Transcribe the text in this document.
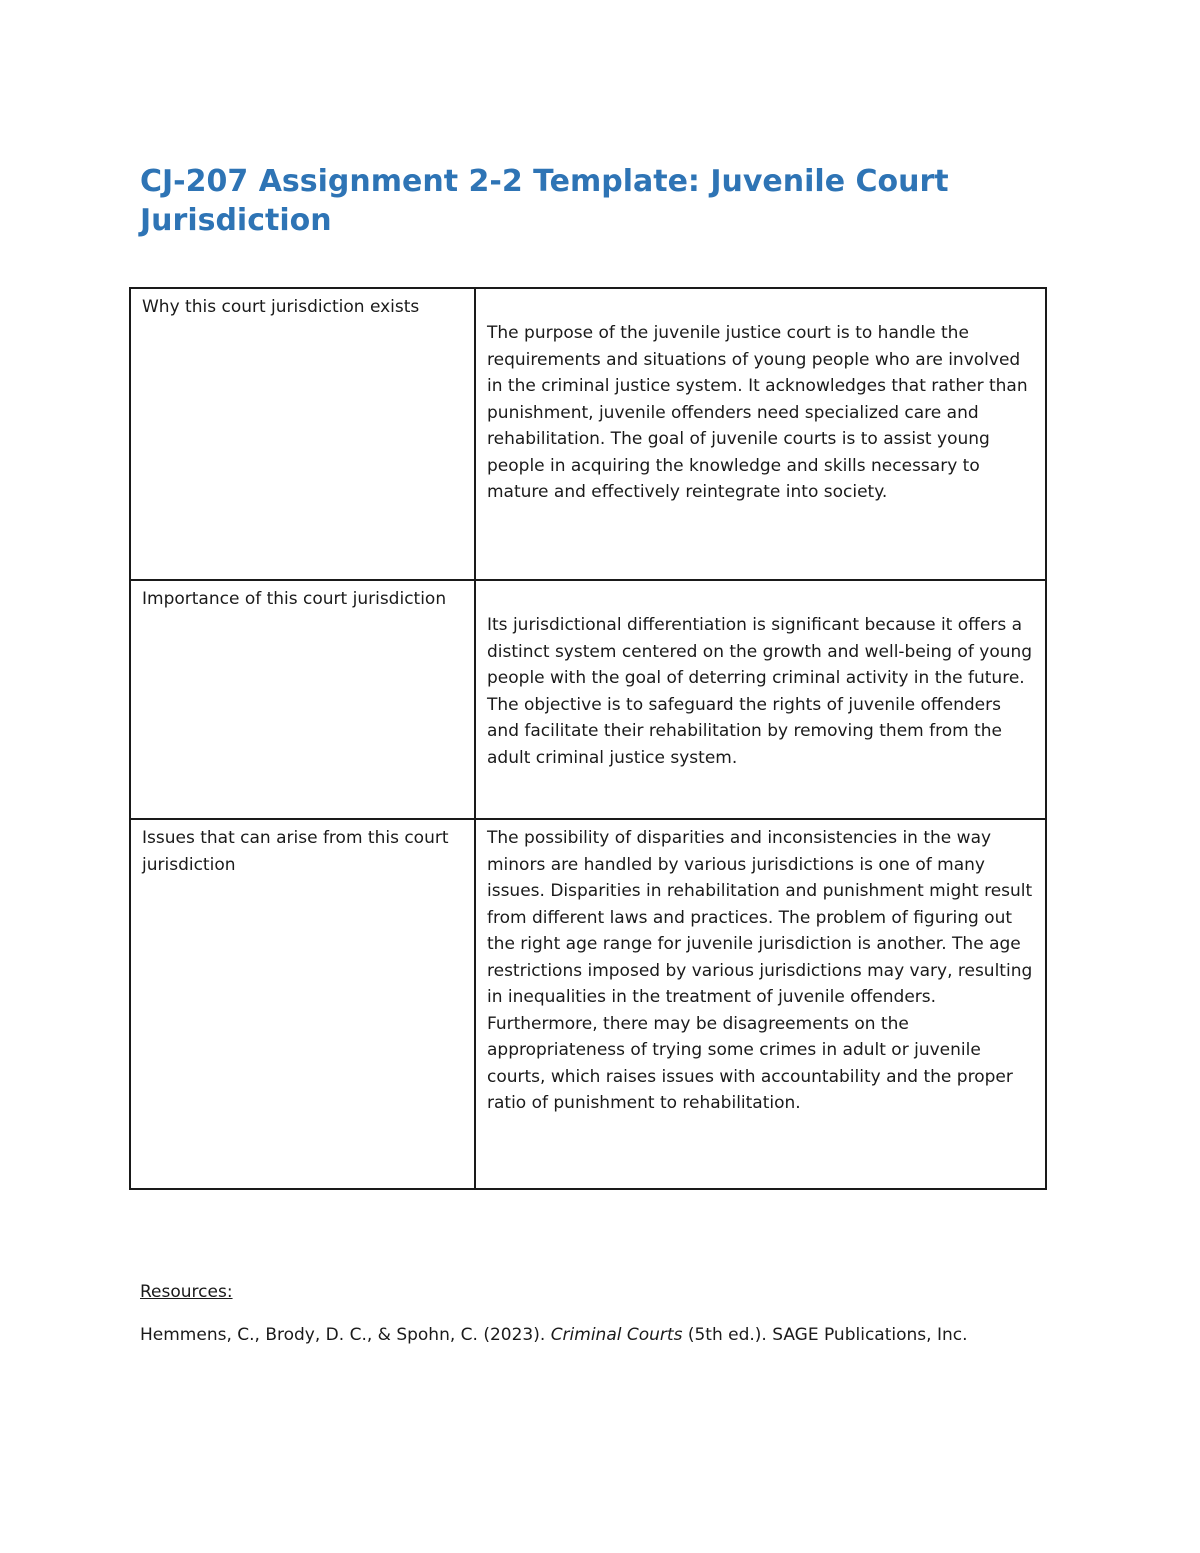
CJ-207 Assignment 2-2 Template: Juvenile Court Jurisdiction
Why this court jurisdiction exists	The purpose of the juvenile justice court is to handle the requirements and situations of young people who are involved in the criminal justice system. It acknowledges that rather than punishment, juvenile offenders need specialized care and rehabilitation. The goal of juvenile courts is to assist young people in acquiring the knowledge and skills necessary to mature and effectively reintegrate into society.
Importance of this court jurisdiction	Its jurisdictional differentiation is significant because it offers a distinct system centered on the growth and well-being of young people with the goal of deterring criminal activity in the future. The objective is to safeguard the rights of juvenile offenders and facilitate their rehabilitation by removing them from the adult criminal justice system.
Issues that can arise from this court jurisdiction	The possibility of disparities and inconsistencies in the way minors are handled by various jurisdictions is one of many issues. Disparities in rehabilitation and punishment might result from different laws and practices. The problem of figuring out the right age range for juvenile jurisdiction is another. The age restrictions imposed by various jurisdictions may vary, resulting in inequalities in the treatment of juvenile offenders. Furthermore, there may be disagreements on the appropriateness of trying some crimes in adult or juvenile courts, which raises issues with accountability and the proper ratio of punishment to rehabilitation.
Resources:
Hemmens, C., Brody, D. C., & Spohn, C. (2023). Criminal Courts (5th ed.). SAGE Publications, Inc.
